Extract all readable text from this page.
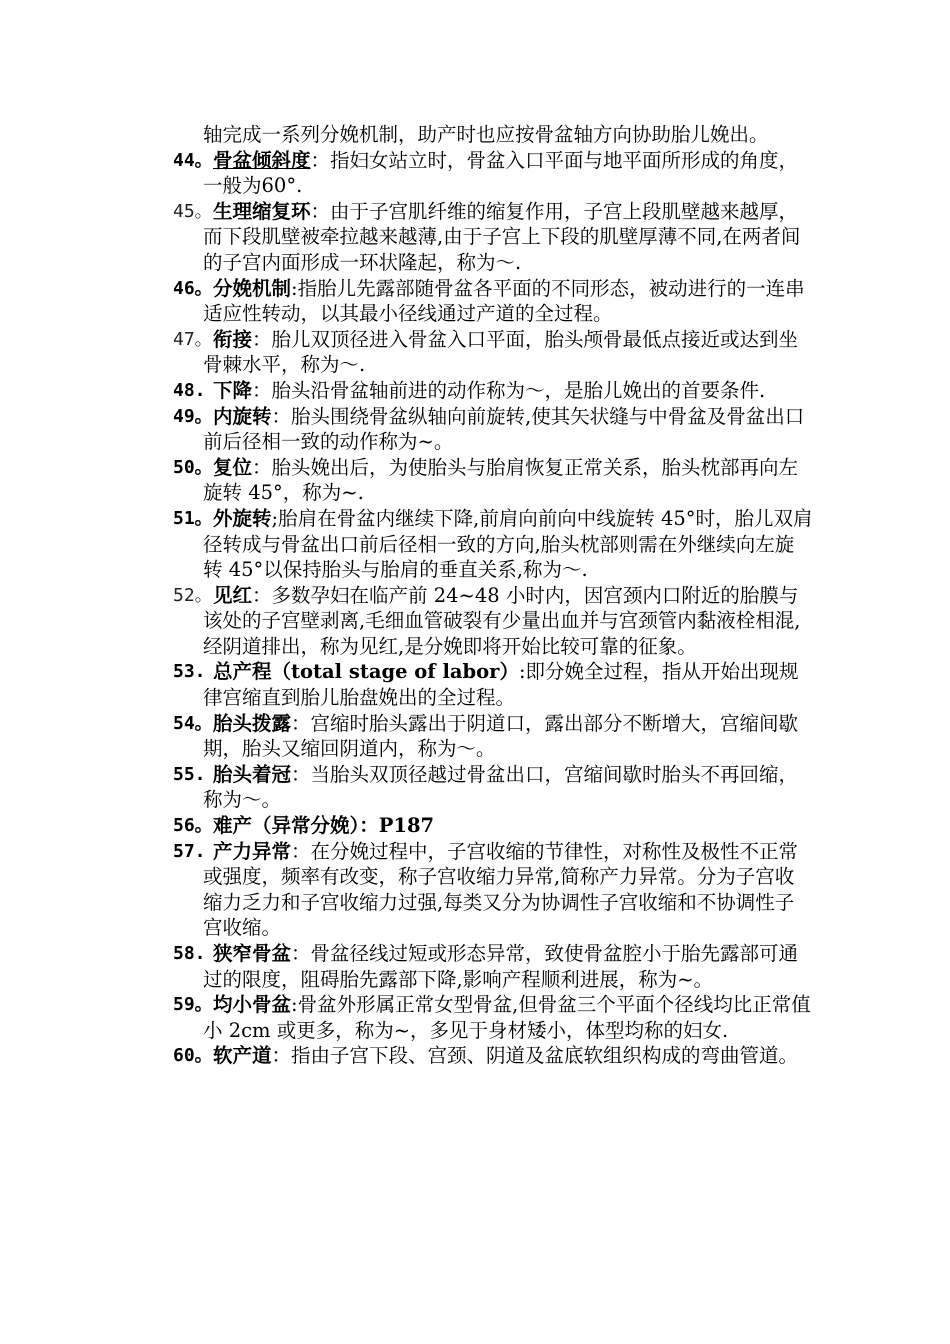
轴完成一系列分娩机制，助产时也应按骨盆轴方向协助胎儿娩出。
44。 骨盆倾斜度：指妇女站立时，骨盆入口平面与地平面所形成的角度，一般为60°.
45。 生理缩复环：由于子宫肌纤维的缩复作用，子宫上段肌壁越来越厚，而下段肌壁被牵拉越来越薄,由于子宫上下段的肌壁厚薄不同,在两者间的子宫内面形成一环状隆起，称为～.
46。 分娩机制:指胎儿先露部随骨盆各平面的不同形态，被动进行的一连串适应性转动，以其最小径线通过产道的全过程。
47。 衔接：胎儿双顶径进入骨盆入口平面，胎头颅骨最低点接近或达到坐骨棘水平，称为～.
48. 下降：胎头沿骨盆轴前进的动作称为～，是胎儿娩出的首要条件.
49。 内旋转：胎头围绕骨盆纵轴向前旋转,使其矢状缝与中骨盆及骨盆出口前后径相一致的动作称为~。
50。 复位：胎头娩出后，为使胎头与胎肩恢复正常关系，胎头枕部再向左旋转 45°，称为~.
51。 外旋转;胎肩在骨盆内继续下降,前肩向前向中线旋转 45°时，胎儿双肩径转成与骨盆出口前后径相一致的方向,胎头枕部则需在外继续向左旋转 45°以保持胎头与胎肩的垂直关系,称为～.
52。 见红：多数孕妇在临产前 24~48 小时内，因宫颈内口附近的胎膜与该处的子宫壁剥离,毛细血管破裂有少量出血并与宫颈管内黏液栓相混,经阴道排出，称为见红,是分娩即将开始比较可靠的征象。
53. 总产程（total stage of labor）:即分娩全过程，指从开始出现规律宫缩直到胎儿胎盘娩出的全过程。
54。 胎头拨露：宫缩时胎头露出于阴道口，露出部分不断增大，宫缩间歇期，胎头又缩回阴道内，称为～。
55. 胎头着冠：当胎头双顶径越过骨盆出口，宫缩间歇时胎头不再回缩，称为～。
56。 难产（异常分娩）：P187
57. 产力异常：在分娩过程中，子宫收缩的节律性，对称性及极性不正常或强度，频率有改变，称子宫收缩力异常,简称产力异常。分为子宫收缩力乏力和子宫收缩力过强,每类又分为协调性子宫收缩和不协调性子宫收缩。
58. 狭窄骨盆：骨盆径线过短或形态异常，致使骨盆腔小于胎先露部可通过的限度，阻碍胎先露部下降,影响产程顺利进展，称为~。
59。 均小骨盆:骨盆外形属正常女型骨盆,但骨盆三个平面个径线均比正常值小 2cm 或更多，称为~，多见于身材矮小，体型均称的妇女.
60。 软产道：指由子宫下段、宫颈、阴道及盆底软组织构成的弯曲管道。
